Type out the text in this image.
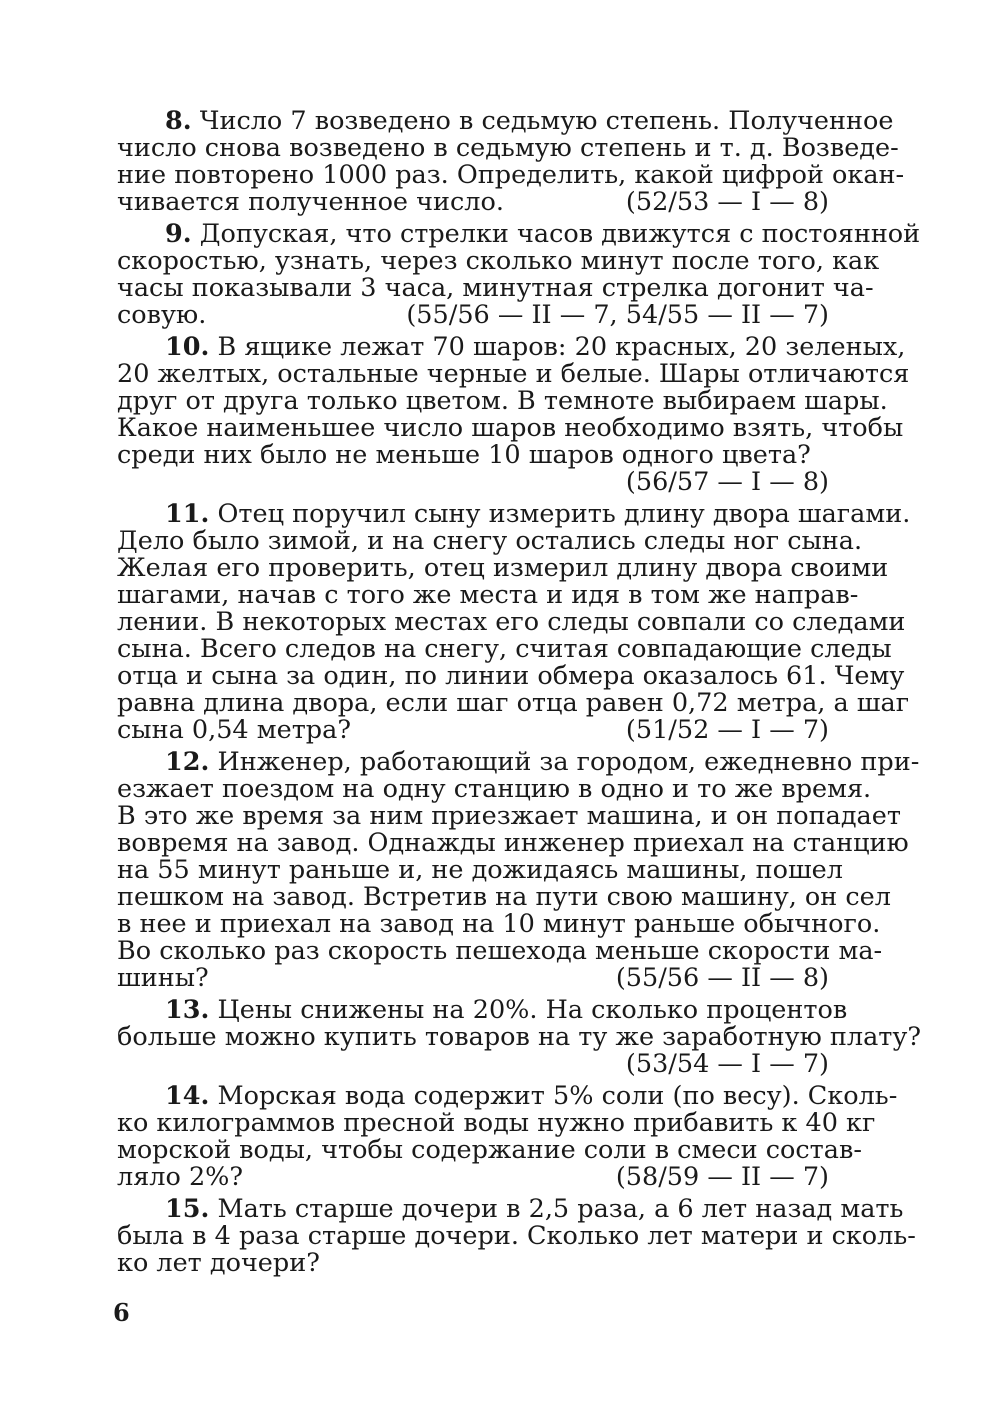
8. Число 7 возведено в седьмую степень. Полученное
число снова возведено в седьмую степень и т. д. Возведе-
ние повторено 1000 раз. Определить, какой цифрой окан-
чивается полученное число.	(52/53 — I — 8)
9. Допуская, что стрелки часов движутся с постоянной
скоростью, узнать, через сколько минут после того, как
часы показывали 3 часа, минутная стрелка догонит ча-
совую.	(55/56 — II — 7, 54/55 — II — 7)
10. В ящике лежат 70 шаров: 20 красных, 20 зеленых,
20 желтых, остальные черные и белые. Шары отличаются
друг от друга только цветом. В темноте выбираем шары.
Какое наименьшее число шаров необходимо взять, чтобы
среди них было не меньше 10 шаров одного цвета?
(56/57 — I — 8)
11. Отец поручил сыну измерить длину двора шагами.
Дело было зимой, и на снегу остались следы ног сына.
Желая его проверить, отец измерил длину двора своими
шагами, начав с того же места и идя в том же направ-
лении. В некоторых местах его следы совпали со следами
сына. Всего следов на снегу, считая совпадающие следы
отца и сына за один, по линии обмера оказалось 61. Чему
равна длина двора, если шаг отца равен 0,72 метра, а шаг
сына 0,54 метра?	(51/52 — I — 7)
12. Инженер, работающий за городом, ежедневно при-
езжает поездом на одну станцию в одно и то же время.
В это же время за ним приезжает машина, и он попадает
вовремя на завод. Однажды инженер приехал на станцию
на 55 минут раньше и, не дожидаясь машины, пошел
пешком на завод. Встретив на пути свою машину, он сел
в нее и приехал на завод на 10 минут раньше обычного.
Во сколько раз скорость пешехода меньше скорости ма-
шины?	(55/56 — II — 8)
13. Цены снижены на 20%. На сколько процентов
больше можно купить товаров на ту же заработную плату?
(53/54 — I — 7)
14. Морская вода содержит 5% соли (по весу). Сколь-
ко килограммов пресной воды нужно прибавить к 40 кг
морской воды, чтобы содержание соли в смеси состав-
ляло 2%?	(58/59 — II — 7)
15. Мать старше дочери в 2,5 раза, а 6 лет назад мать
была в 4 раза старше дочери. Сколько лет матери и сколь-
ко лет дочери?
6
